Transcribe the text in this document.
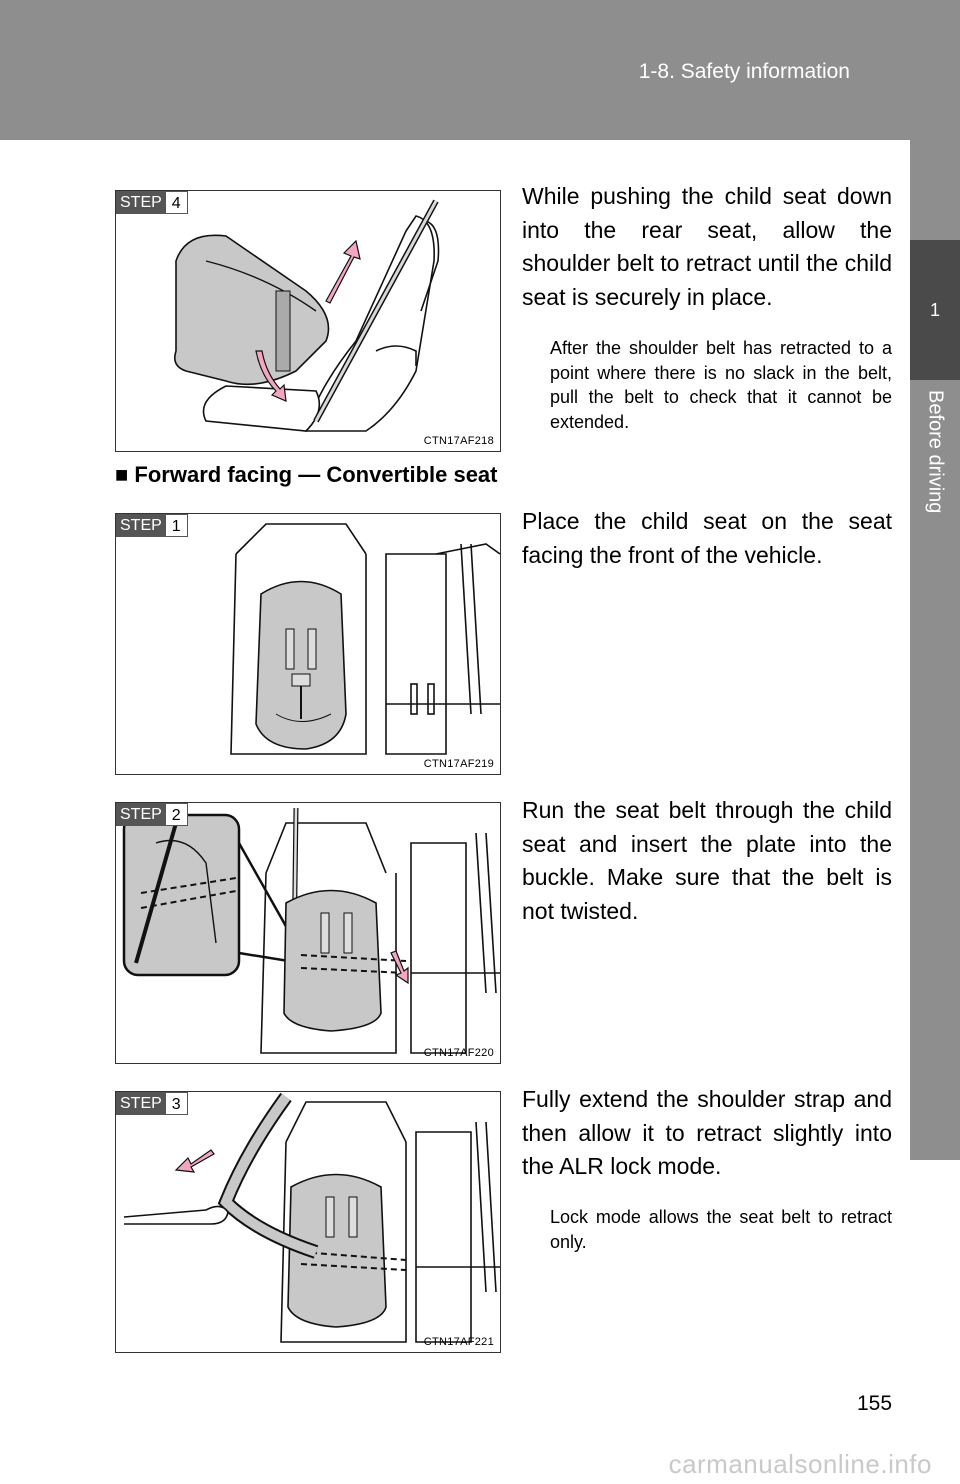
1-8. Safety information
1
Before driving
STEP 4
CTN17AF218
While pushing the child seat down into the rear seat, allow the shoulder belt to retract until the child seat is securely in place.
After the shoulder belt has retracted to a point where there is no slack in the belt, pull the belt to check that it cannot be extended.
■ Forward facing — Convertible seat
STEP 1
CTN17AF219
Place the child seat on the seat facing the front of the vehicle.
STEP 2
CTN17AF220
Run the seat belt through the child seat and insert the plate into the buckle. Make sure that the belt is not twisted.
STEP 3
CTN17AF221
Fully extend the shoulder strap and then allow it to retract slightly into the ALR lock mode.
Lock mode allows the seat belt to retract only.
155
carmanualsonline.info
